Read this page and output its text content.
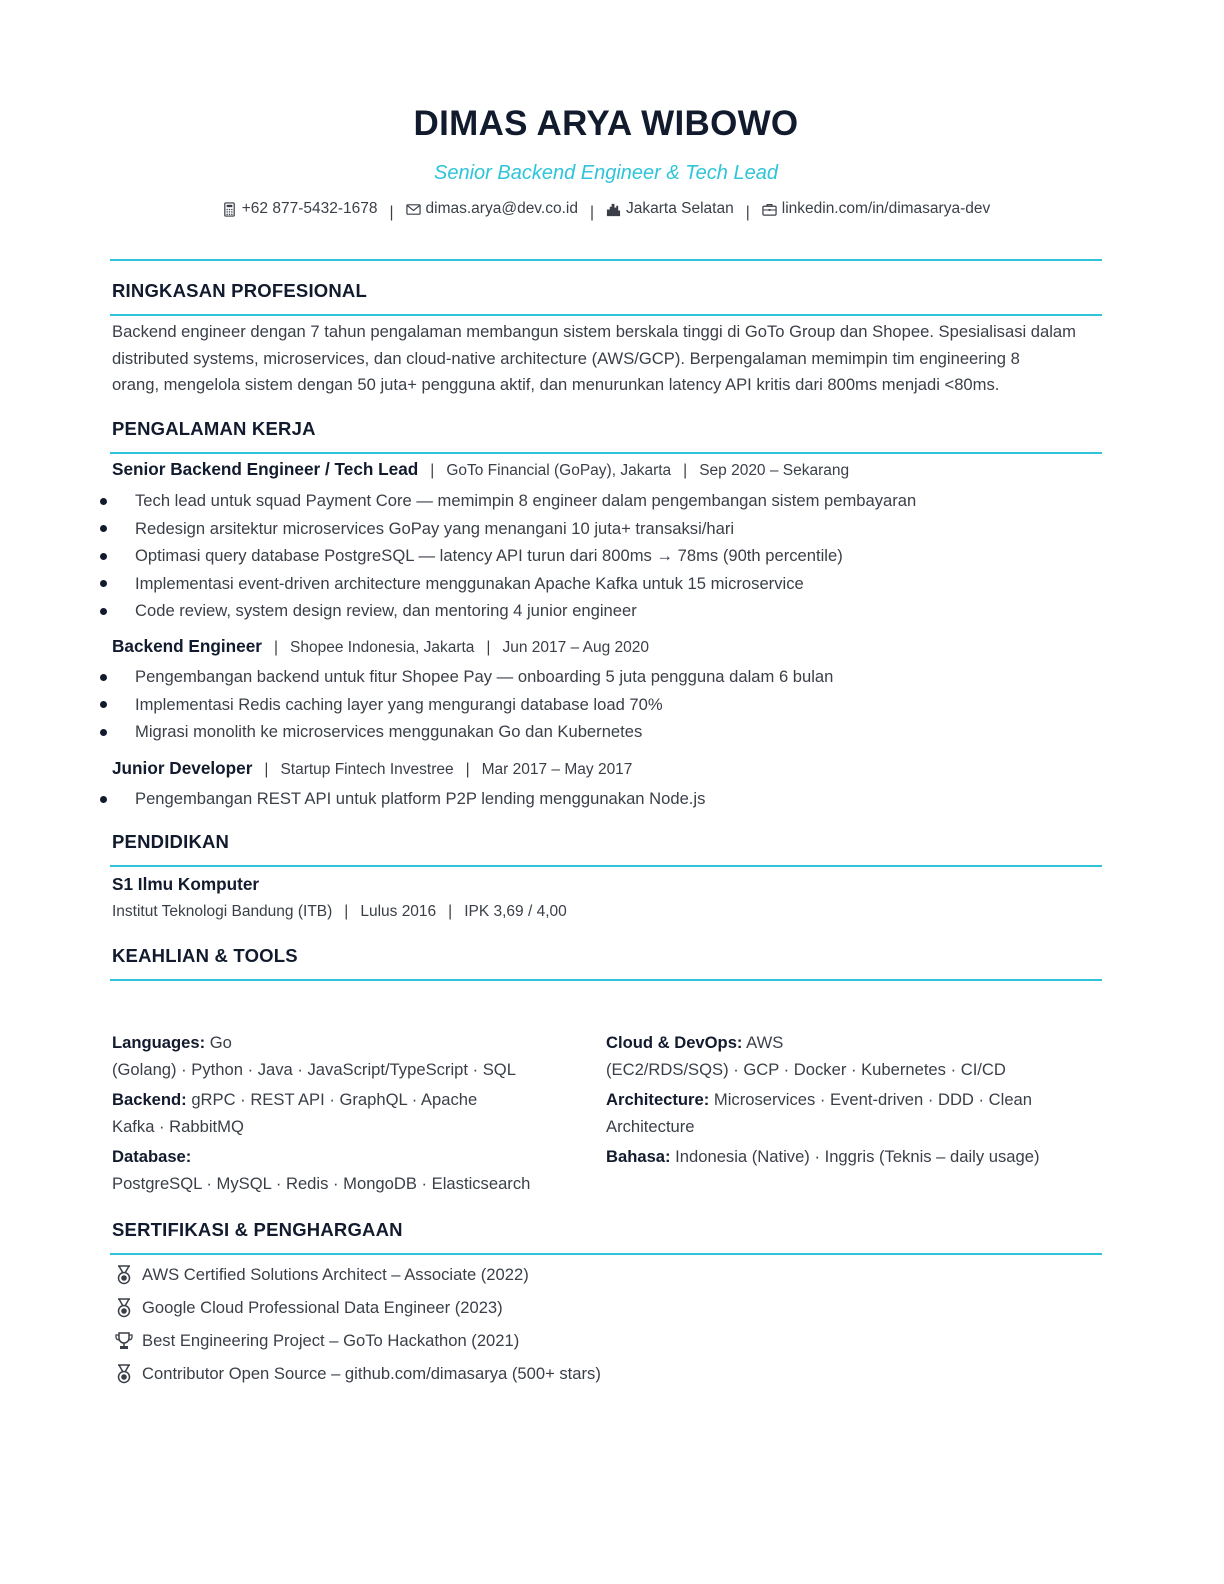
DIMAS ARYA WIBOWO
Senior Backend Engineer & Tech Lead
+62 877-5432-1678 | dimas.arya@dev.co.id | Jakarta Selatan | linkedin.com/in/dimasarya-dev
RINGKASAN PROFESIONAL
Backend engineer dengan 7 tahun pengalaman membangun sistem berskala tinggi di GoTo Group dan Shopee. Spesialisasi dalam
distributed systems, microservices, dan cloud-native architecture (AWS/GCP). Berpengalaman memimpin tim engineering 8
orang, mengelola sistem dengan 50 juta+ pengguna aktif, dan menurunkan latency API kritis dari 800ms menjadi <80ms.
PENGALAMAN KERJA
Senior Backend Engineer / Tech Lead | GoTo Financial (GoPay), Jakarta | Sep 2020 – Sekarang
Tech lead untuk squad Payment Core — memimpin 8 engineer dalam pengembangan sistem pembayaran
Redesign arsitektur microservices GoPay yang menangani 10 juta+ transaksi/hari
Optimasi query database PostgreSQL — latency API turun dari 800ms → 78ms (90th percentile)
Implementasi event-driven architecture menggunakan Apache Kafka untuk 15 microservice
Code review, system design review, dan mentoring 4 junior engineer
Backend Engineer | Shopee Indonesia, Jakarta | Jun 2017 – Aug 2020
Pengembangan backend untuk fitur Shopee Pay — onboarding 5 juta pengguna dalam 6 bulan
Implementasi Redis caching layer yang mengurangi database load 70%
Migrasi monolith ke microservices menggunakan Go dan Kubernetes
Junior Developer | Startup Fintech Investree | Mar 2017 – May 2017
Pengembangan REST API untuk platform P2P lending menggunakan Node.js
PENDIDIKAN
S1 Ilmu Komputer
Institut Teknologi Bandung (ITB) | Lulus 2016 | IPK 3,69 / 4,00
KEAHLIAN & TOOLS
Languages: Go
(Golang) · Python · Java · JavaScript/TypeScript · SQL
Backend: gRPC · REST API · GraphQL · Apache
Kafka · RabbitMQ
Database:
PostgreSQL · MySQL · Redis · MongoDB · Elasticsearch
Cloud & DevOps: AWS
(EC2/RDS/SQS) · GCP · Docker · Kubernetes · CI/CD
Architecture: Microservices · Event-driven · DDD · Clean
Architecture
Bahasa: Indonesia (Native) · Inggris (Teknis – daily usage)
SERTIFIKASI & PENGHARGAAN
AWS Certified Solutions Architect – Associate (2022)
Google Cloud Professional Data Engineer (2023)
Best Engineering Project – GoTo Hackathon (2021)
Contributor Open Source – github.com/dimasarya (500+ stars)
